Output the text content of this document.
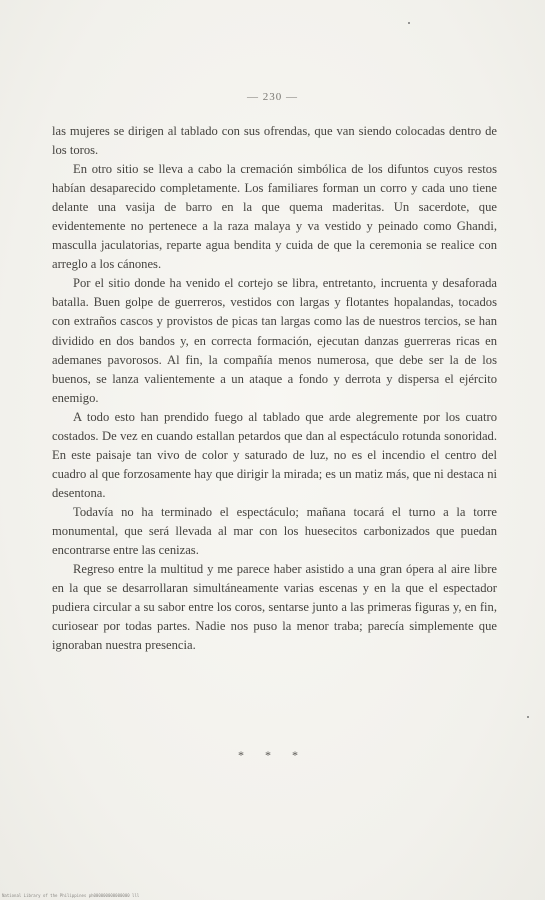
— 230 —

las mujeres se dirigen al tablado con sus ofrendas, que van siendo colocadas dentro de los toros.

En otro sitio se lleva a cabo la cremación simbólica de los difuntos cuyos restos habían desaparecido completamente. Los familiares forman un corro y cada uno tiene delante una vasija de barro en la que quema maderitas. Un sacerdote, que evidentemente no pertenece a la raza malaya y va vestido y peinado como Ghandi, masculla jaculatorias, reparte agua bendita y cuida de que la ceremonia se realice con arreglo a los cánones.

Por el sitio donde ha venido el cortejo se libra, entretanto, incruenta y desaforada batalla. Buen golpe de guerreros, vestidos con largas y flotantes hopalandas, tocados con extraños cascos y provistos de picas tan largas como las de nuestros tercios, se han dividido en dos bandos y, en correcta formación, ejecutan danzas guerreras ricas en ademanes pavorosos. Al fin, la compañía menos numerosa, que debe ser la de los buenos, se lanza valientemente a un ataque a fondo y derrota y dispersa el ejército enemigo.

A todo esto han prendido fuego al tablado que arde alegremente por los cuatro costados. De vez en cuando estallan petardos que dan al espectáculo rotunda sonoridad. En este paisaje tan vivo de color y saturado de luz, no es el incendio el centro del cuadro al que forzosamente hay que dirigir la mirada; es un matiz más, que ni destaca ni desentona.

Todavía no ha terminado el espectáculo; mañana tocará el turno a la torre monumental, que será llevada al mar con los huesecitos carbonizados que puedan encontrarse entre las cenizas.

Regreso entre la multitud y me parece haber asistido a una gran ópera al aire libre en la que se desarrollaran simultáneamente varias escenas y en la que el espectador pudiera circular a su sabor entre los coros, sentarse junto a las primeras figuras y, en fin, curiosear por todas partes. Nadie nos puso la menor traba; parecía simplemente que ignoraban nuestra presencia.

* * *
National Library of the Philippines ph000000000000000 lll
